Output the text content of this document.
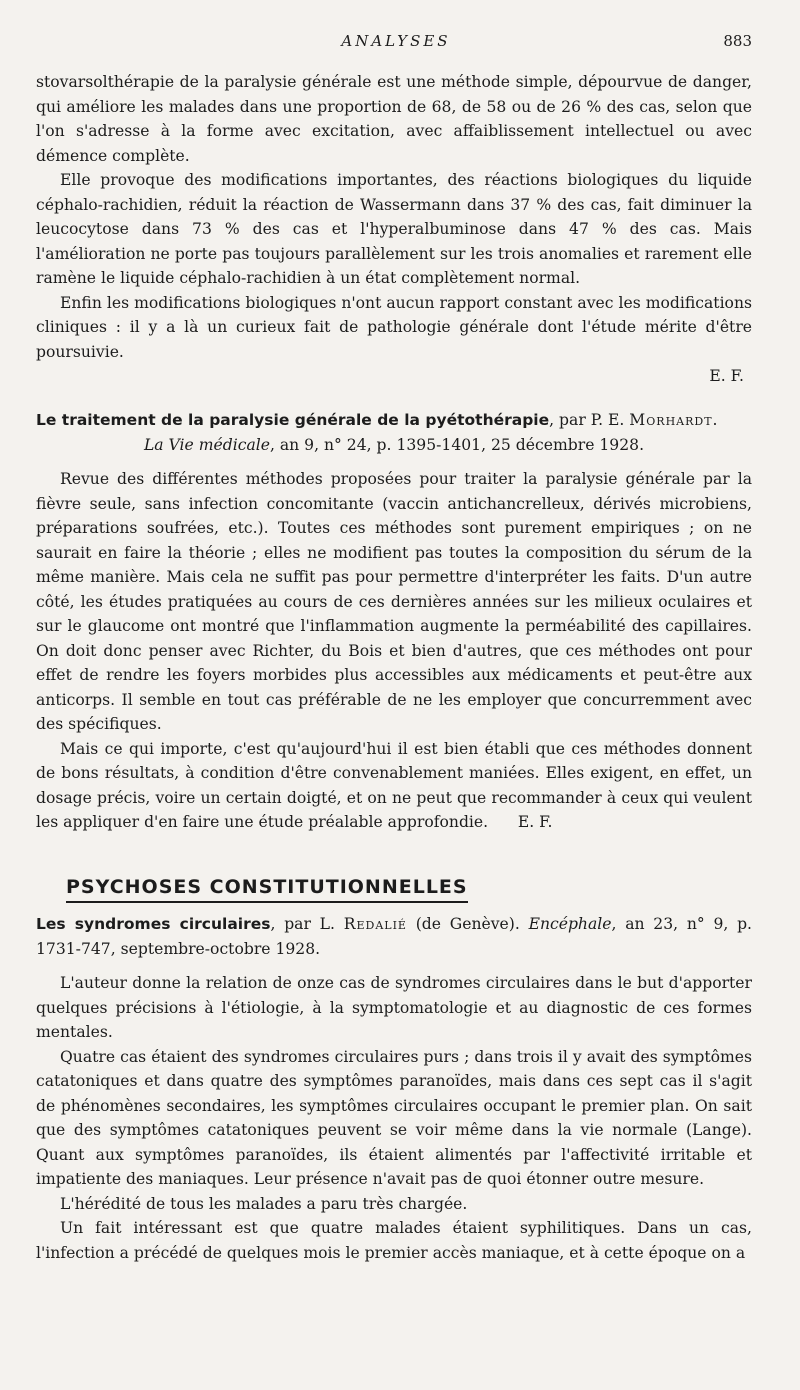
ANALYSES	883

stovarsolthérapie de la paralysie générale est une méthode simple, dépourvue de danger, qui améliore les malades dans une proportion de 68, de 58 ou de 26 % des cas, selon que l'on s'adresse à la forme avec excitation, avec affaiblissement intellectuel ou avec démence complète.

Elle provoque des modifications importantes, des réactions biologiques du liquide céphalo-rachidien, réduit la réaction de Wassermann dans 37 % des cas, fait diminuer la leucocytose dans 73 % des cas et l'hyperalbuminose dans 47 % des cas. Mais l'amélioration ne porte pas toujours parallèlement sur les trois anomalies et rarement elle ramène le liquide céphalo-rachidien à un état complètement normal.

Enfin les modifications biologiques n'ont aucun rapport constant avec les modifications cliniques : il y a là un curieux fait de pathologie générale dont l'étude mérite d'être poursuivie.

E. F.

Le traitement de la paralysie générale de la pyétothérapie, par P. E. Morhardt.

La Vie médicale, an 9, n° 24, p. 1395-1401, 25 décembre 1928.

Revue des différentes méthodes proposées pour traiter la paralysie générale par la fièvre seule, sans infection concomitante (vaccin antichancrelleux, dérivés microbiens, préparations soufrées, etc.). Toutes ces méthodes sont purement empiriques ; on ne saurait en faire la théorie ; elles ne modifient pas toutes la composition du sérum de la même manière. Mais cela ne suffit pas pour permettre d'interpréter les faits. D'un autre côté, les études pratiquées au cours de ces dernières années sur les milieux oculaires et sur le glaucome ont montré que l'inflammation augmente la perméabilité des capillaires. On doit donc penser avec Richter, du Bois et bien d'autres, que ces méthodes ont pour effet de rendre les foyers morbides plus accessibles aux médicaments et peut-être aux anticorps. Il semble en tout cas préférable de ne les employer que concurremment avec des spécifiques.

Mais ce qui importe, c'est qu'aujourd'hui il est bien établi que ces méthodes donnent de bons résultats, à condition d'être convenablement maniées. Elles exigent, en effet, un dosage précis, voire un certain doigté, et on ne peut que recommander à ceux qui veulent les appliquer d'en faire une étude préalable approfondie. E. F.

PSYCHOSES CONSTITUTIONNELLES

Les syndromes circulaires, par L. Redalié (de Genève). Encéphale, an 23, n° 9, p. 1731-747, septembre-octobre 1928.

L'auteur donne la relation de onze cas de syndromes circulaires dans le but d'apporter quelques précisions à l'étiologie, à la symptomatologie et au diagnostic de ces formes mentales.

Quatre cas étaient des syndromes circulaires purs ; dans trois il y avait des symptômes catatoniques et dans quatre des symptômes paranoïdes, mais dans ces sept cas il s'agit de phénomènes secondaires, les symptômes circulaires occupant le premier plan. On sait que des symptômes catatoniques peuvent se voir même dans la vie normale (Lange). Quant aux symptômes paranoïdes, ils étaient alimentés par l'affectivité irritable et impatiente des maniaques. Leur présence n'avait pas de quoi étonner outre mesure.

L'hérédité de tous les malades a paru très chargée.

Un fait intéressant est que quatre malades étaient syphilitiques. Dans un cas, l'infection a précédé de quelques mois le premier accès maniaque, et à cette époque on a
